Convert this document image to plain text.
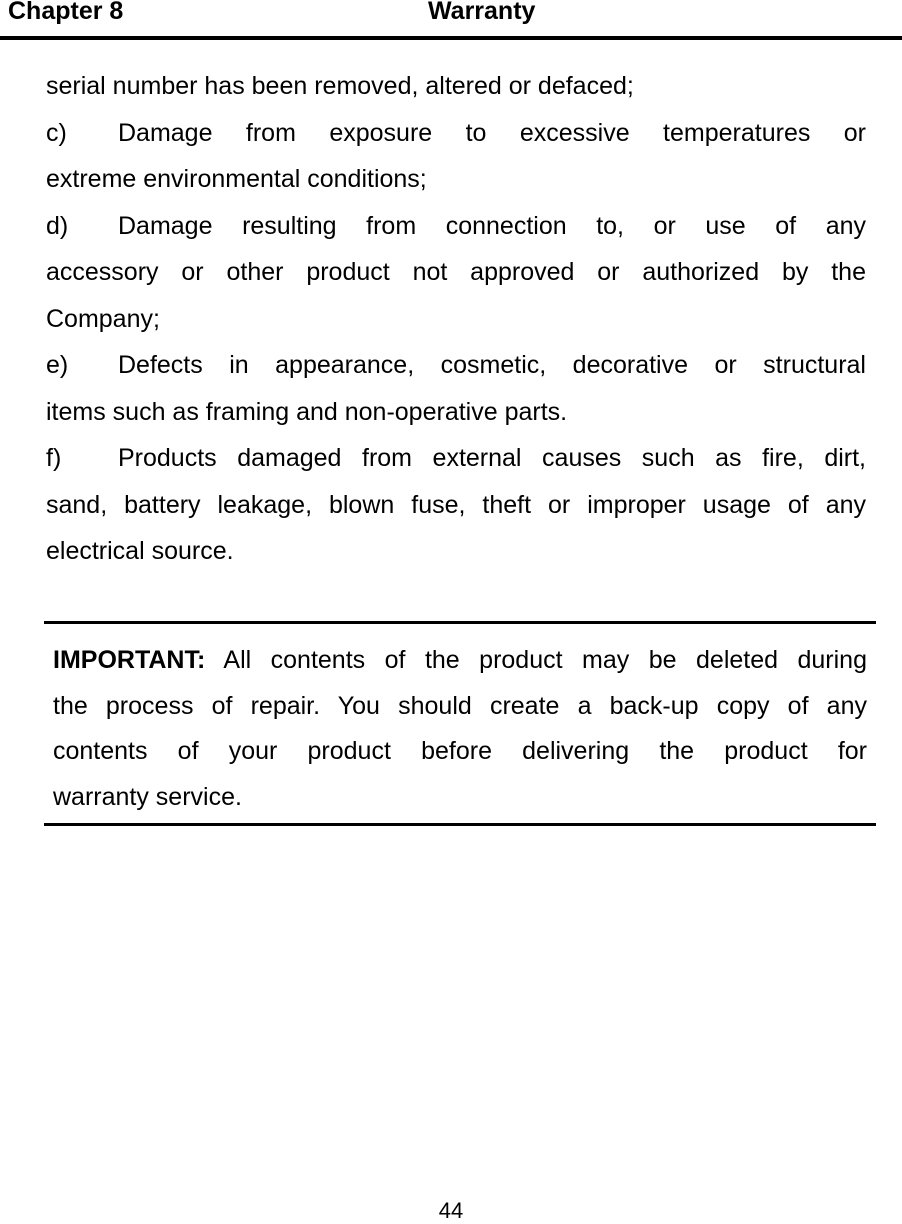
Chapter 8	Warranty
serial number has been removed, altered or defaced;
c)	Damage from exposure to excessive temperatures or
extreme environmental conditions;
d)	Damage resulting from connection to, or use of any
accessory or other product not approved or authorized by the
Company;
e)	Defects in appearance, cosmetic, decorative or structural
items such as framing and non-operative parts.
f)	Products damaged from external causes such as fire, dirt,
sand, battery leakage, blown fuse, theft or improper usage of any
electrical source.
IMPORTANT: All contents of the product may be deleted during
the process of repair. You should create a back-up copy of any
contents of your product before delivering the product for
warranty service.
44
